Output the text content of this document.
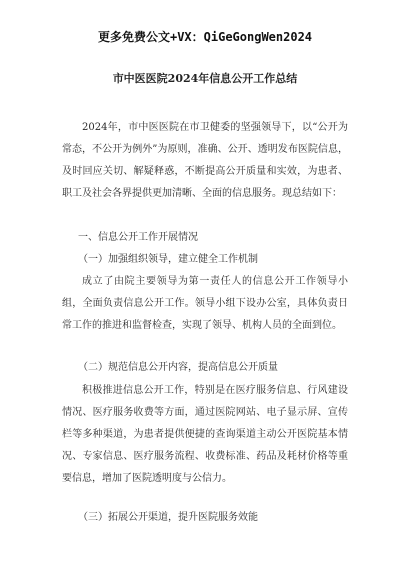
更多免费公文+VX：QiGeGongWen2024
市中医医院2024年信息公开工作总结

2024年，市中医医院在市卫健委的坚强领导下，以“公开为常态，不公开为例外”为原则，准确、公开、透明发布医院信息，及时回应关切、解疑释惑，不断提高公开质量和实效，为患者、职工及社会各界提供更加清晰、全面的信息服务。现总结如下：

一、信息公开工作开展情况

（一）加强组织领导，建立健全工作机制

成立了由院主要领导为第一责任人的信息公开工作领导小组，全面负责信息公开工作。领导小组下设办公室，具体负责日常工作的推进和监督检查，实现了领导、机构人员的全面到位。

（二）规范信息公开内容，提高信息公开质量

积极推进信息公开工作，特别是在医疗服务信息、行风建设情况、医疗服务收费等方面，通过医院网站、电子显示屏、宣传栏等多种渠道，为患者提供便捷的查询渠道主动公开医院基本情况、专家信息、医疗服务流程、收费标准、药品及耗材价格等重要信息，增加了医院透明度与公信力。

（三）拓展公开渠道，提升医院服务效能
